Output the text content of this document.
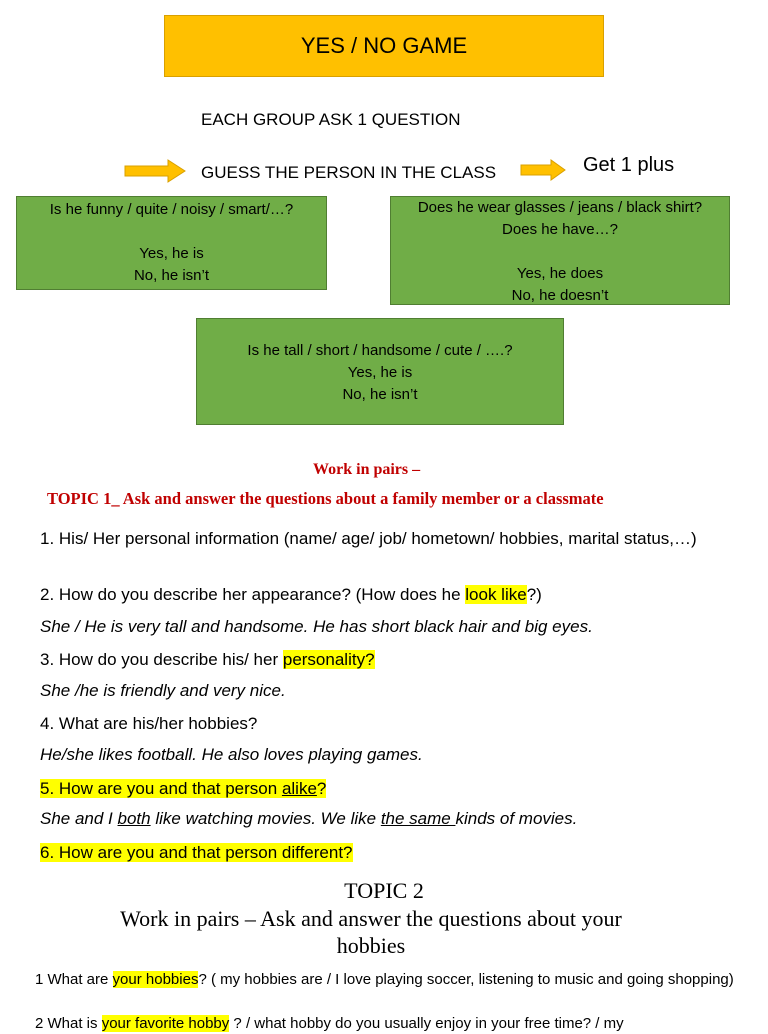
YES / NO GAME
EACH GROUP ASK 1 QUESTION
GUESS THE PERSON IN THE CLASS	Get 1 plus
Is he funny / quite / noisy / smart/…?
Yes, he is
No, he isn’t
Does he wear glasses / jeans / black shirt?
Does he have…?
Yes, he does
No, he doesn’t
Is he tall / short / handsome / cute / ….?
Yes, he is
No, he isn’t
Work in pairs –
TOPIC 1_ Ask and answer the questions about a family member or a classmate
1. His/ Her personal information (name/ age/ job/ hometown/ hobbies, marital status,…)
2. How do you describe her appearance? (How does he look like?)
She / He is very tall and handsome. He has short black hair and big eyes.
3. How do you describe his/ her personality?
She /he is friendly and very nice.
4. What are his/her hobbies?
He/she likes football. He also loves playing games.
5. How are you and that person alike?
She and I both like watching movies. We like the same kinds of movies.
6. How are you and that person different?
TOPIC 2
Work in pairs – Ask and answer the questions about your
hobbies
1 What are your hobbies? ( my hobbies are / I love playing soccer, listening to music and going shopping)
2 What is your favorite hobby ? / what hobby do you usually enjoy in your free time? / my
